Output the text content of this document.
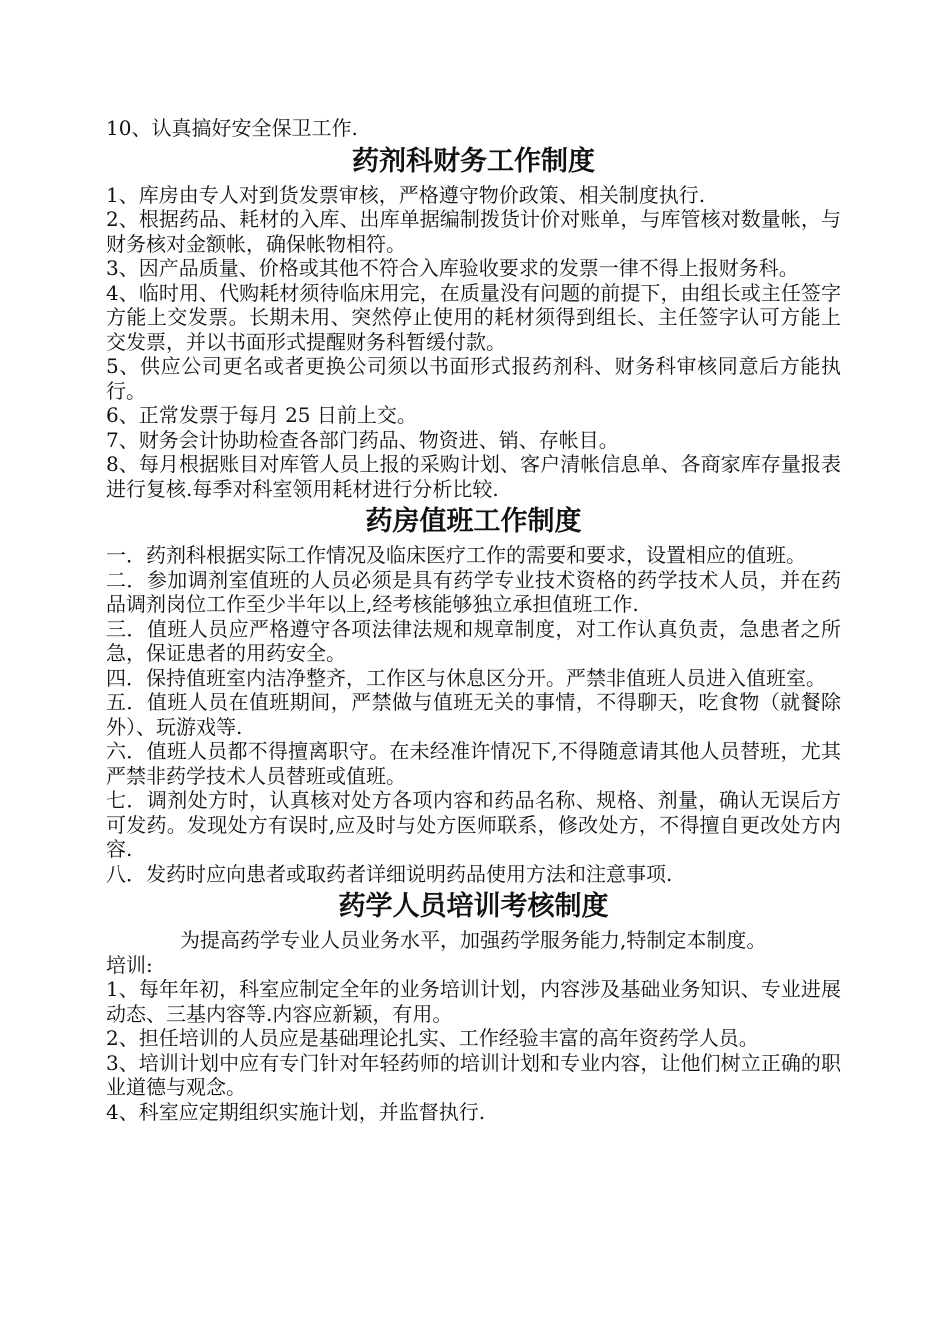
10、认真搞好安全保卫工作.

药剂科财务工作制度

1、库房由专人对到货发票审核，严格遵守物价政策、相关制度执行.

2、根据药品、耗材的入库、出库单据编制拨货计价对账单，与库管核对数量帐，与财务核对金额帐，确保帐物相符。

3、因产品质量、价格或其他不符合入库验收要求的发票一律不得上报财务科。

4、临时用、代购耗材须待临床用完，在质量没有问题的前提下，由组长或主任签字方能上交发票。长期未用、突然停止使用的耗材须得到组长、主任签字认可方能上交发票，并以书面形式提醒财务科暂缓付款。

5、供应公司更名或者更换公司须以书面形式报药剂科、财务科审核同意后方能执行。

6、正常发票于每月 25 日前上交。

7、财务会计协助检查各部门药品、物资进、销、存帐目。

8、每月根据账目对库管人员上报的采购计划、客户清帐信息单、各商家库存量报表进行复核.每季对科室领用耗材进行分析比较.

药房值班工作制度

一．药剂科根据实际工作情况及临床医疗工作的需要和要求，设置相应的值班。

二．参加调剂室值班的人员必须是具有药学专业技术资格的药学技术人员，并在药品调剂岗位工作至少半年以上,经考核能够独立承担值班工作.

三．值班人员应严格遵守各项法律法规和规章制度，对工作认真负责，急患者之所急，保证患者的用药安全。

四．保持值班室内洁净整齐，工作区与休息区分开。严禁非值班人员进入值班室。

五．值班人员在值班期间，严禁做与值班无关的事情，不得聊天，吃食物（就餐除外）、玩游戏等.

六．值班人员都不得擅离职守。在未经准许情况下,不得随意请其他人员替班，尤其严禁非药学技术人员替班或值班。

七．调剂处方时，认真核对处方各项内容和药品名称、规格、剂量，确认无误后方可发药。发现处方有误时,应及时与处方医师联系，修改处方，不得擅自更改处方内容.

八．发药时应向患者或取药者详细说明药品使用方法和注意事项.

药学人员培训考核制度

为提高药学专业人员业务水平，加强药学服务能力,特制定本制度。

培训:

1、每年年初，科室应制定全年的业务培训计划，内容涉及基础业务知识、专业进展动态、三基内容等.内容应新颖，有用。

2、担任培训的人员应是基础理论扎实、工作经验丰富的高年资药学人员。

3、培训计划中应有专门针对年轻药师的培训计划和专业内容，让他们树立正确的职业道德与观念。

4、科室应定期组织实施计划，并监督执行.
